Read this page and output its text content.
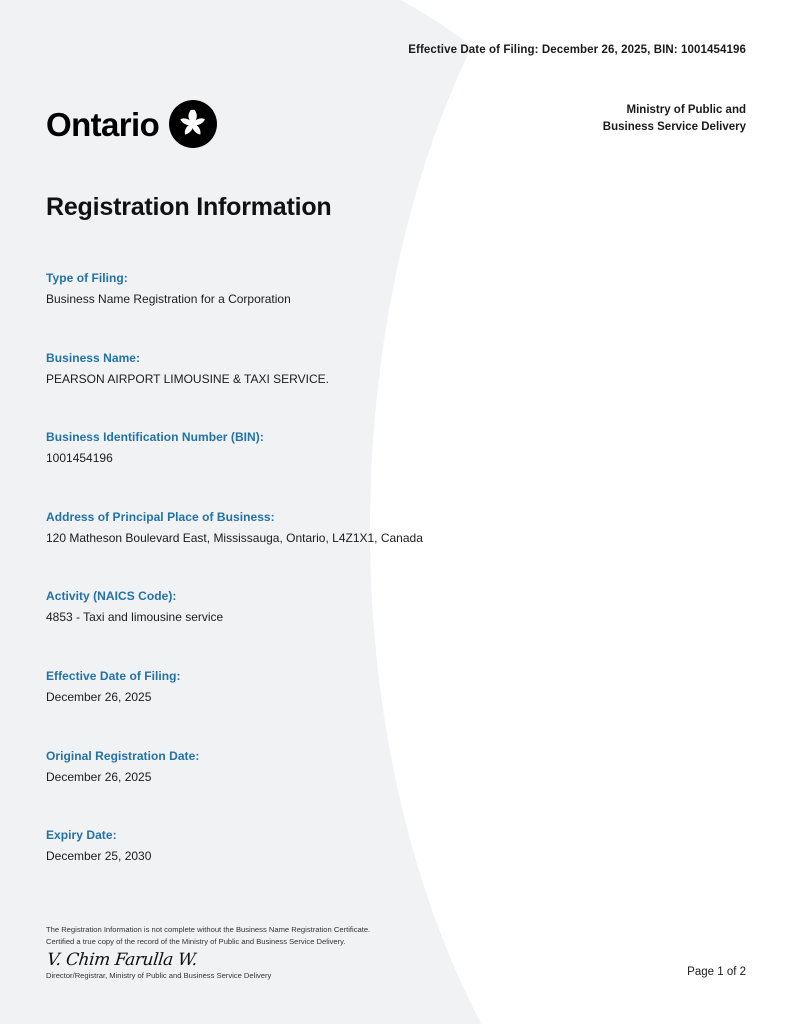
Effective Date of Filing: December 26, 2025, BIN: 1001454196
Ontario	Ministry of Public and
Business Service Delivery
Registration Information
Type of Filing:
Business Name Registration for a Corporation
Business Name:
PEARSON AIRPORT LIMOUSINE & TAXI SERVICE.
Business Identification Number (BIN):
1001454196
Address of Principal Place of Business:
120 Matheson Boulevard East, Mississauga, Ontario, L4Z1X1, Canada
Activity (NAICS Code):
4853 - Taxi and limousine service
Effective Date of Filing:
December 26, 2025
Original Registration Date:
December 26, 2025
Expiry Date:
December 25, 2030
The Registration Information is not complete without the Business Name Registration Certificate.
Certified a true copy of the record of the Ministry of Public and Business Service Delivery.
V. Chim Farulla W.
Director/Registrar, Ministry of Public and Business Service Delivery	Page 1 of 2
